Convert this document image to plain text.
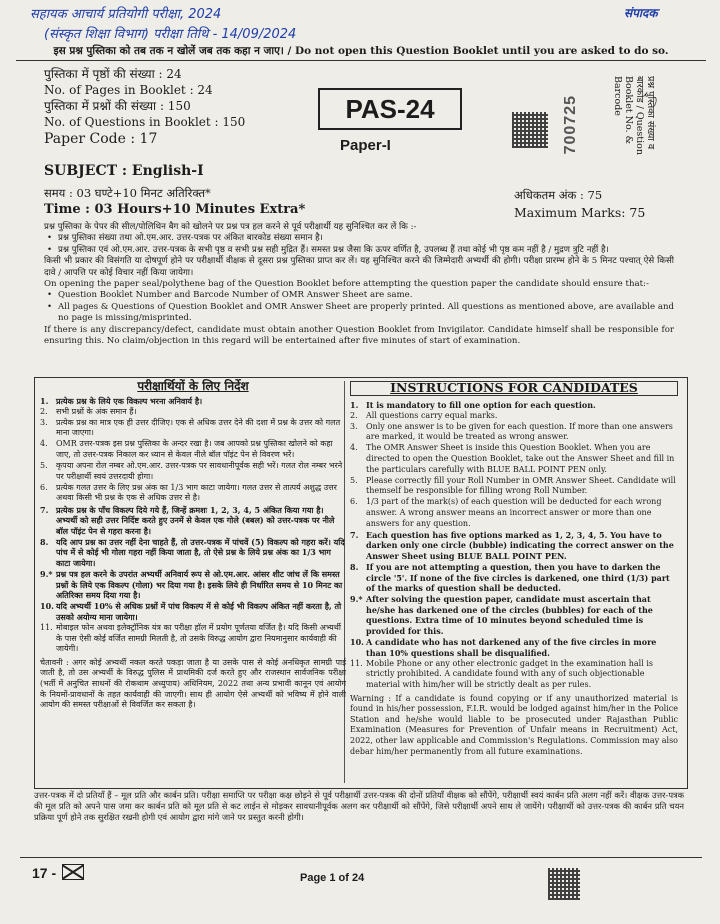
सहायक आचार्य प्रतियोगी परीक्षा, 2024
(संस्कृत शिक्षा विभाग) परीक्षा तिथि - 14/09/2024
संपादक
इस प्रश्न पुस्तिका को तब तक न खोलें जब तक कहा न जाए। / Do not open this Question Booklet until you are asked to do so.
पुस्तिका में पृष्ठों की संख्या : 24
No. of Pages in Booklet : 24
पुस्तिका में प्रश्नों की संख्या : 150
No. of Questions in Booklet : 150
Paper Code : 17
PAS-24
Paper-I	700725	प्रश्न पुस्तिका संख्या व बारकोड / Question Booklet No. & Barcode
SUBJECT : English-I
समय : 03 घण्टे+10 मिनट अतिरिक्त*
Time : 03 Hours+10 Minutes Extra*
अधिकतम अंक : 75
Maximum Marks: 75

प्रश्न पुस्तिका के पेपर की सील/पोलिथिन बैग को खोलने पर प्रश्न पत्र हल करने से पूर्व परीक्षार्थी यह सुनिश्चित कर लें कि :-

• प्रश्न पुस्तिका संख्या तथा ओ.एम.आर. उत्तर-पत्रक पर अंकित बारकोड संख्या समान है।

• प्रश्न पुस्तिका एवं ओ.एम.आर. उत्तर-पत्रक के सभी पृष्ठ व सभी प्रश्न सही मुद्रित हैं। समस्त प्रश्न जैसा कि ऊपर वर्णित है, उपलब्ध हैं तथा कोई भी पृष्ठ कम नहीं है / मुद्रण त्रुटि नहीं है।

किसी भी प्रकार की विसंगति या दोषपूर्ण होने पर परीक्षार्थी वीक्षक से दूसरा प्रश्न पुस्तिका प्राप्त कर लें। यह सुनिश्चित करने की जिम्मेदारी अभ्यर्थी की होगी। परीक्षा प्रारम्भ होने के 5 मिनट पश्चात् ऐसे किसी दावे / आपत्ति पर कोई विचार नहीं किया जायेगा।

On opening the paper seal/polythene bag of the Question Booklet before attempting the question paper the candidate should ensure that:-

• Question Booklet Number and Barcode Number of OMR Answer Sheet are same.

• All pages & Questions of Question Booklet and OMR Answer Sheet are properly printed. All questions as mentioned above, are available and no page is missing/misprinted.

If there is any discrepancy/defect, candidate must obtain another Question Booklet from Invigilator. Candidate himself shall be responsible for ensuring this. No claim/objection in this regard will be entertained after five minutes of start of examination.

परीक्षार्थियों के लिए निर्देश
1. प्रत्येक प्रश्न के लिये एक विकल्प भरना अनिवार्य है।
2. सभी प्रश्नों के अंक समान हैं।
3. प्रत्येक प्रश्न का मात्र एक ही उत्तर दीजिए। एक से अधिक उत्तर देने की दशा में प्रश्न के उत्तर को गलत माना जाएगा।
4. OMR उत्तर-पत्रक इस प्रश्न पुस्तिका के अन्दर रखा है। जब आपको प्रश्न पुस्तिका खोलने को कहा जाए, तो उत्तर-पत्रक निकाल कर ध्यान से केवल नीले बॉल पॉइंट पेन से विवरण भरें।
5. कृपया अपना रोल नम्बर ओ.एम.आर. उत्तर-पत्रक पर सावधानीपूर्वक सही भरें। गलत रोल नम्बर भरने पर परीक्षार्थी स्वयं उत्तरदायी होगा।
6. प्रत्येक गलत उत्तर के लिए प्रश्न अंक का 1/3 भाग काटा जायेगा। गलत उत्तर से तात्पर्य अशुद्ध उत्तर अथवा किसी भी प्रश्न के एक से अधिक उत्तर से है।
7. प्रत्येक प्रश्न के पाँच विकल्प दिये गये हैं, जिन्हें क्रमशः 1, 2, 3, 4, 5 अंकित किया गया है। अभ्यर्थी को सही उत्तर निर्दिष्ट करते हुए उनमें से केवल एक गोले (बबल) को उत्तर-पत्रक पर नीले बॉल पॉइंट पेन से गहरा करना है।
8. यदि आप प्रश्न का उत्तर नहीं देना चाहते हैं, तो उत्तर-पत्रक में पांचवें (5) विकल्प को गहरा करें। यदि पांच में से कोई भी गोला गहरा नहीं किया जाता है, तो ऐसे प्रश्न के लिये प्रश्न अंक का 1/3 भाग काटा जायेगा।
9.* प्रश्न पत्र हल करने के उपरांत अभ्यर्थी अनिवार्य रूप से ओ.एम.आर. आंसर शीट जांच लें कि समस्त प्रश्नों के लिये एक विकल्प (गोला) भर दिया गया है। इसके लिये ही निर्धारित समय से 10 मिनट का अतिरिक्त समय दिया गया है।
10. यदि अभ्यर्थी 10% से अधिक प्रश्नों में पांच विकल्प में से कोई भी विकल्प अंकित नहीं करता है, तो उसको अयोग्य माना जायेगा।
11. मोबाइल फोन अथवा इलेक्ट्रॉनिक यंत्र का परीक्षा हॉल में प्रयोग पूर्णतया वर्जित है। यदि किसी अभ्यर्थी के पास ऐसी कोई वर्जित सामग्री मिलती है, तो उसके विरुद्ध आयोग द्वारा नियमानुसार कार्यवाही की जायेगी।
चेतावनी : अगर कोई अभ्यर्थी नकल करते पकड़ा जाता है या उसके पास से कोई अनधिकृत सामग्री पाई जाती है, तो उस अभ्यर्थी के विरुद्ध पुलिस में प्राथमिकी दर्ज करते हुए और राजस्थान सार्वजनिक परीक्षा (भर्ती में अनुचित साधनों की रोकथाम अध्युपाय) अधिनियम, 2022 तथा अन्य प्रभावी कानून एवं आयोग के नियमों-प्रावधानों के तहत कार्यवाही की जाएगी। साथ ही आयोग ऐसे अभ्यर्थी को भविष्य में होने वाली आयोग की समस्त परीक्षाओं से विवर्जित कर सकता है।
INSTRUCTIONS FOR CANDIDATES
1. It is mandatory to fill one option for each question.
2. All questions carry equal marks.
3. Only one answer is to be given for each question. If more than one answers are marked, it would be treated as wrong answer.
4. The OMR Answer Sheet is inside this Question Booklet. When you are directed to open the Question Booklet, take out the Answer Sheet and fill in the particulars carefully with BLUE BALL POINT PEN only.
5. Please correctly fill your Roll Number in OMR Answer Sheet. Candidate will themself be responsible for filling wrong Roll Number.
6. 1/3 part of the mark(s) of each question will be deducted for each wrong answer. A wrong answer means an incorrect answer or more than one answers for any question.
7. Each question has five options marked as 1, 2, 3, 4, 5. You have to darken only one circle (bubble) indicating the correct answer on the Answer Sheet using BLUE BALL POINT PEN.
8. If you are not attempting a question, then you have to darken the circle '5'. If none of the five circles is darkened, one third (1/3) part of the marks of question shall be deducted.
9.* After solving the question paper, candidate must ascertain that he/she has darkened one of the circles (bubbles) for each of the questions. Extra time of 10 minutes beyond scheduled time is provided for this.
10. A candidate who has not darkened any of the five circles in more than 10% questions shall be disqualified.
11. Mobile Phone or any other electronic gadget in the examination hall is strictly prohibited. A candidate found with any of such objectionable material with him/her will be strictly dealt as per rules.
Warning : If a candidate is found copying or if any unauthorized material is found in his/her possession, F.I.R. would be lodged against him/her in the Police Station and he/she would liable to be prosecuted under Rajasthan Public Examination (Measures for Prevention of Unfair means in Recruitment) Act, 2022, other law applicable and Commission's Regulations. Commission may also debar him/her permanently from all future examinations.
उत्तर-पत्रक में दो प्रतियाँ हैं – मूल प्रति और कार्बन प्रति। परीक्षा समाप्ति पर परीक्षा कक्ष छोड़ने से पूर्व परीक्षार्थी उत्तर-पत्रक की दोनों प्रतियाँ वीक्षक को सौंपेंगे, परीक्षार्थी स्वयं कार्बन प्रति अलग नहीं करें। वीक्षक उत्तर-पत्रक की मूल प्रति को अपने पास जमा कर कार्बन प्रति को मूल प्रति से कट लाईन से मोड़कर सावधानीपूर्वक अलग कर परीक्षार्थी को सौंपेंगे, जिसे परीक्षार्थी अपने साथ ले जायेंगे। परीक्षार्थी को उत्तर-पत्रक की कार्बन प्रति चयन प्रक्रिया पूर्ण होने तक सुरक्षित रखनी होगी एवं आयोग द्वारा मांगे जाने पर प्रस्तुत करनी होगी।
17 -	Page 1 of 24
